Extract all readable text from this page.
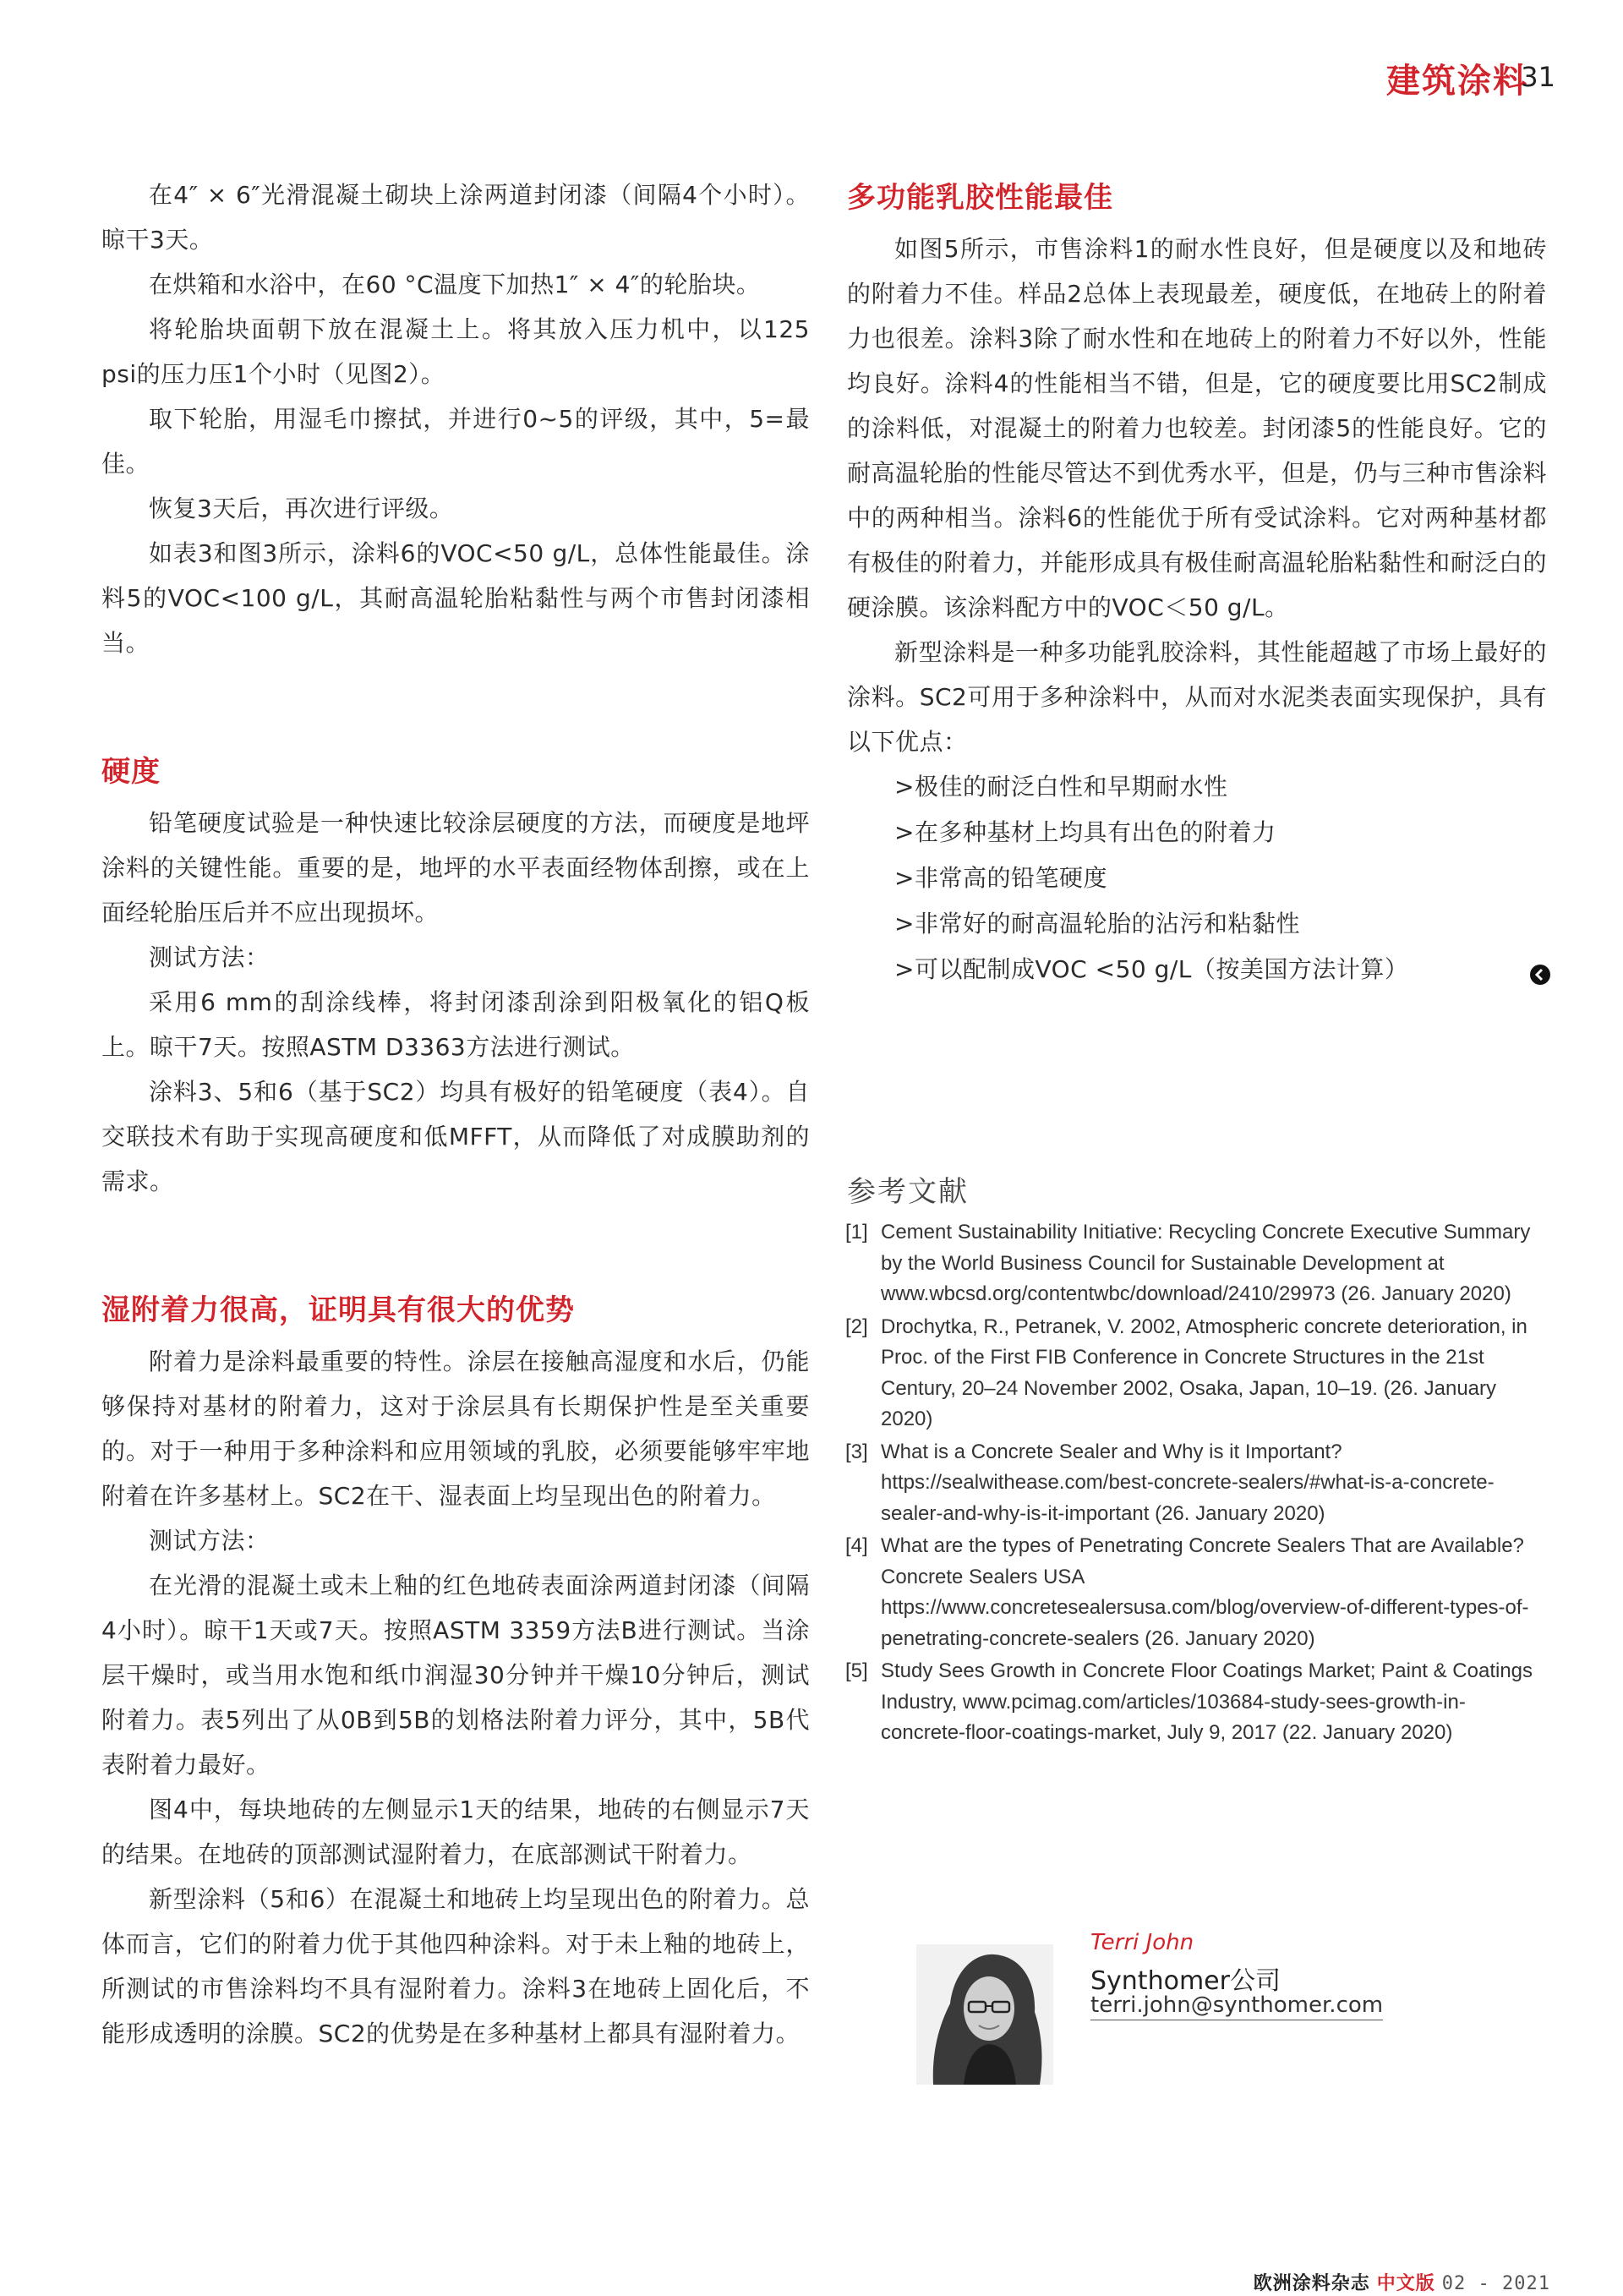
建筑涂料
31

在4″ × 6″光滑混凝土砌块上涂两道封闭漆（间隔4个小时）。晾干3天。

在烘箱和水浴中，在60 °C温度下加热1″ × 4″的轮胎块。

将轮胎块面朝下放在混凝土上。将其放入压力机中，以125 psi的压力压1个小时（见图2）。

取下轮胎，用湿毛巾擦拭，并进行0~5的评级，其中，5=最佳。

恢复3天后，再次进行评级。

如表3和图3所示，涂料6的VOC<50 g/L，总体性能最佳。涂料5的VOC<100 g/L，其耐高温轮胎粘黏性与两个市售封闭漆相当。

硬度

铅笔硬度试验是一种快速比较涂层硬度的方法，而硬度是地坪涂料的关键性能。重要的是，地坪的水平表面经物体刮擦，或在上面经轮胎压后并不应出现损坏。

测试方法：

采用6 mm的刮涂线棒，将封闭漆刮涂到阳极氧化的铝Q板上。晾干7天。按照ASTM D3363方法进行测试。

涂料3、5和6（基于SC2）均具有极好的铅笔硬度（表4）。自交联技术有助于实现高硬度和低MFFT，从而降低了对成膜助剂的需求。

湿附着力很高，证明具有很大的优势

附着力是涂料最重要的特性。涂层在接触高湿度和水后，仍能够保持对基材的附着力，这对于涂层具有长期保护性是至关重要的。对于一种用于多种涂料和应用领域的乳胶，必须要能够牢牢地附着在许多基材上。SC2在干、湿表面上均呈现出色的附着力。

测试方法：

在光滑的混凝土或未上釉的红色地砖表面涂两道封闭漆（间隔4小时）。晾干1天或7天。按照ASTM 3359方法B进行测试。当涂层干燥时，或当用水饱和纸巾润湿30分钟并干燥10分钟后，测试附着力。表5列出了从0B到5B的划格法附着力评分，其中，5B代表附着力最好。

图4中，每块地砖的左侧显示1天的结果，地砖的右侧显示7天的结果。在地砖的顶部测试湿附着力，在底部测试干附着力。

新型涂料（5和6）在混凝土和地砖上均呈现出色的附着力。总体而言，它们的附着力优于其他四种涂料。对于未上釉的地砖上，所测试的市售涂料均不具有湿附着力。涂料3在地砖上固化后，不能形成透明的涂膜。SC2的优势是在多种基材上都具有湿附着力。

多功能乳胶性能最佳

如图5所示，市售涂料1的耐水性良好，但是硬度以及和地砖的附着力不佳。样品2总体上表现最差，硬度低，在地砖上的附着力也很差。涂料3除了耐水性和在地砖上的附着力不好以外，性能均良好。涂料4的性能相当不错，但是，它的硬度要比用SC2制成的涂料低，对混凝土的附着力也较差。封闭漆5的性能良好。它的耐高温轮胎的性能尽管达不到优秀水平，但是，仍与三种市售涂料中的两种相当。涂料6的性能优于所有受试涂料。它对两种基材都有极佳的附着力，并能形成具有极佳耐高温轮胎粘黏性和耐泛白的硬涂膜。该涂料配方中的VOC＜50 g/L。

新型涂料是一种多功能乳胶涂料，其性能超越了市场上最好的涂料。SC2可用于多种涂料中，从而对水泥类表面实现保护，具有以下优点：

>极佳的耐泛白性和早期耐水性
>在多种基材上均具有出色的附着力
>非常高的铅笔硬度
>非常好的耐高温轮胎的沾污和粘黏性
>可以配制成VOC <50 g/L（按美国方法计算）
参考文献
[1] Cement Sustainability Initiative: Recycling Concrete Executive Summary by the World Business Council for Sustainable Development at www.wbcsd.org/contentwbc/download/2410/29973 (26. January 2020)
[2] Drochytka, R., Petranek, V. 2002, Atmospheric concrete deterioration, in Proc. of the First FIB Conference in Concrete Structures in the 21st Century, 20–24 November 2002, Osaka, Japan, 10–19. (26. January 2020)
[3] What is a Concrete Sealer and Why is it Important? https://sealwithease.com/best-concrete-sealers/#what-is-a-concrete-sealer-and-why-is-it-important (26. January 2020)
[4] What are the types of Penetrating Concrete Sealers That are Available? Concrete Sealers USA https://www.concretesealersusa.com/blog/overview-of-different-types-of-penetrating-concrete-sealers (26. January 2020)
[5] Study Sees Growth in Concrete Floor Coatings Market; Paint & Coatings Industry, www.pcimag.com/articles/103684-study-sees-growth-in-concrete-floor-coatings-market, July 9, 2017 (22. January 2020)
Terri John
Synthomer公司
terri.john@synthomer.com
欧洲涂料杂志 中文版 02 - 2021
